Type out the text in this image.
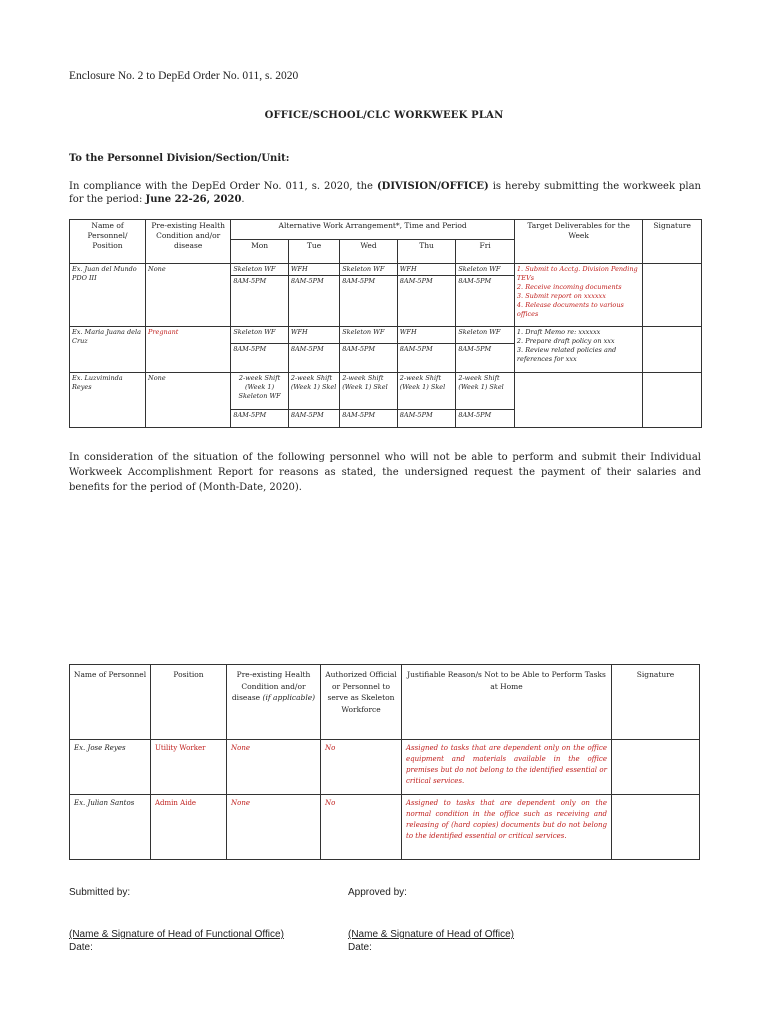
Enclosure No. 2 to DepEd Order No. 011, s. 2020
OFFICE/SCHOOL/CLC WORKWEEK PLAN
To the Personnel Division/Section/Unit:
In compliance with the DepEd Order No. 011, s. 2020, the (DIVISION/OFFICE) is hereby submitting the workweek plan for the period: June 22-26, 2020.
Name of Personnel/ Position	Pre-existing Health Condition and/or disease	Alternative Work Arrangement*, Time and Period					Target Deliverables for the Week	Signature
		Mon	Tue	Wed	Thu	Fri		
Ex. Juan del Mundo PDO III	None	Skeleton WF	WFH	Skeleton WF	WFH	Skeleton WF	1. Submit to Acctg. Division Pending TEVs
2. Receive incoming documents
3. Submit report on xxxxxx
4. Release documents to various offices	

		8AM-5PM	8AM-5PM	8AM-5PM	8AM-5PM	8AM-5PM		
Ex. Maria Juana dela Cruz	Pregnant	Skeleton WF	WFH	Skeleton WF	WFH	Skeleton WF	1. Draft Memo re: xxxxxx
2. Prepare draft policy on xxx
3. Review related policies and references for xxx	

		8AM-5PM	8AM-5PM	8AM-5PM	8AM-5PM	8AM-5PM		
Ex. Luzviminda Reyes	None	2-week Shift (Week 1) Skeleton WF	2-week Shift (Week 1) Skel	2-week Shift (Week 1) Skel	2-week Shift (Week 1) Skel	2-week Shift (Week 1) Skel		
		8AM-5PM	8AM-5PM	8AM-5PM	8AM-5PM	8AM-5PM		
In consideration of the situation of the following personnel who will not be able to perform and submit their Individual Workweek Accomplishment Report for reasons as stated, the undersigned request the payment of their salaries and benefits for the period of (Month-Date, 2020).
Name of Personnel	Position	Pre-existing Health Condition and/or disease (if applicable)	Authorized Official or Personnel to serve as Skeleton Workforce	Justifiable Reason/s Not to be Able to Perform Tasks at Home	Signature
Ex. Jose Reyes	Utility Worker	None	No	Assigned to tasks that are dependent only on the office equipment and materials available in the office premises but do not belong to the identified essential or critical services.	
Ex. Julian Santos	Admin Aide	None	No	Assigned to tasks that are dependent only on the normal condition in the office such as receiving and releasing of (hard copies) documents but do not belong to the identified essential or critical services.	
Submitted by:	Approved by:
(Name & Signature of Head of Functional Office)	(Name & Signature of Head of Office)
Date:	Date:
